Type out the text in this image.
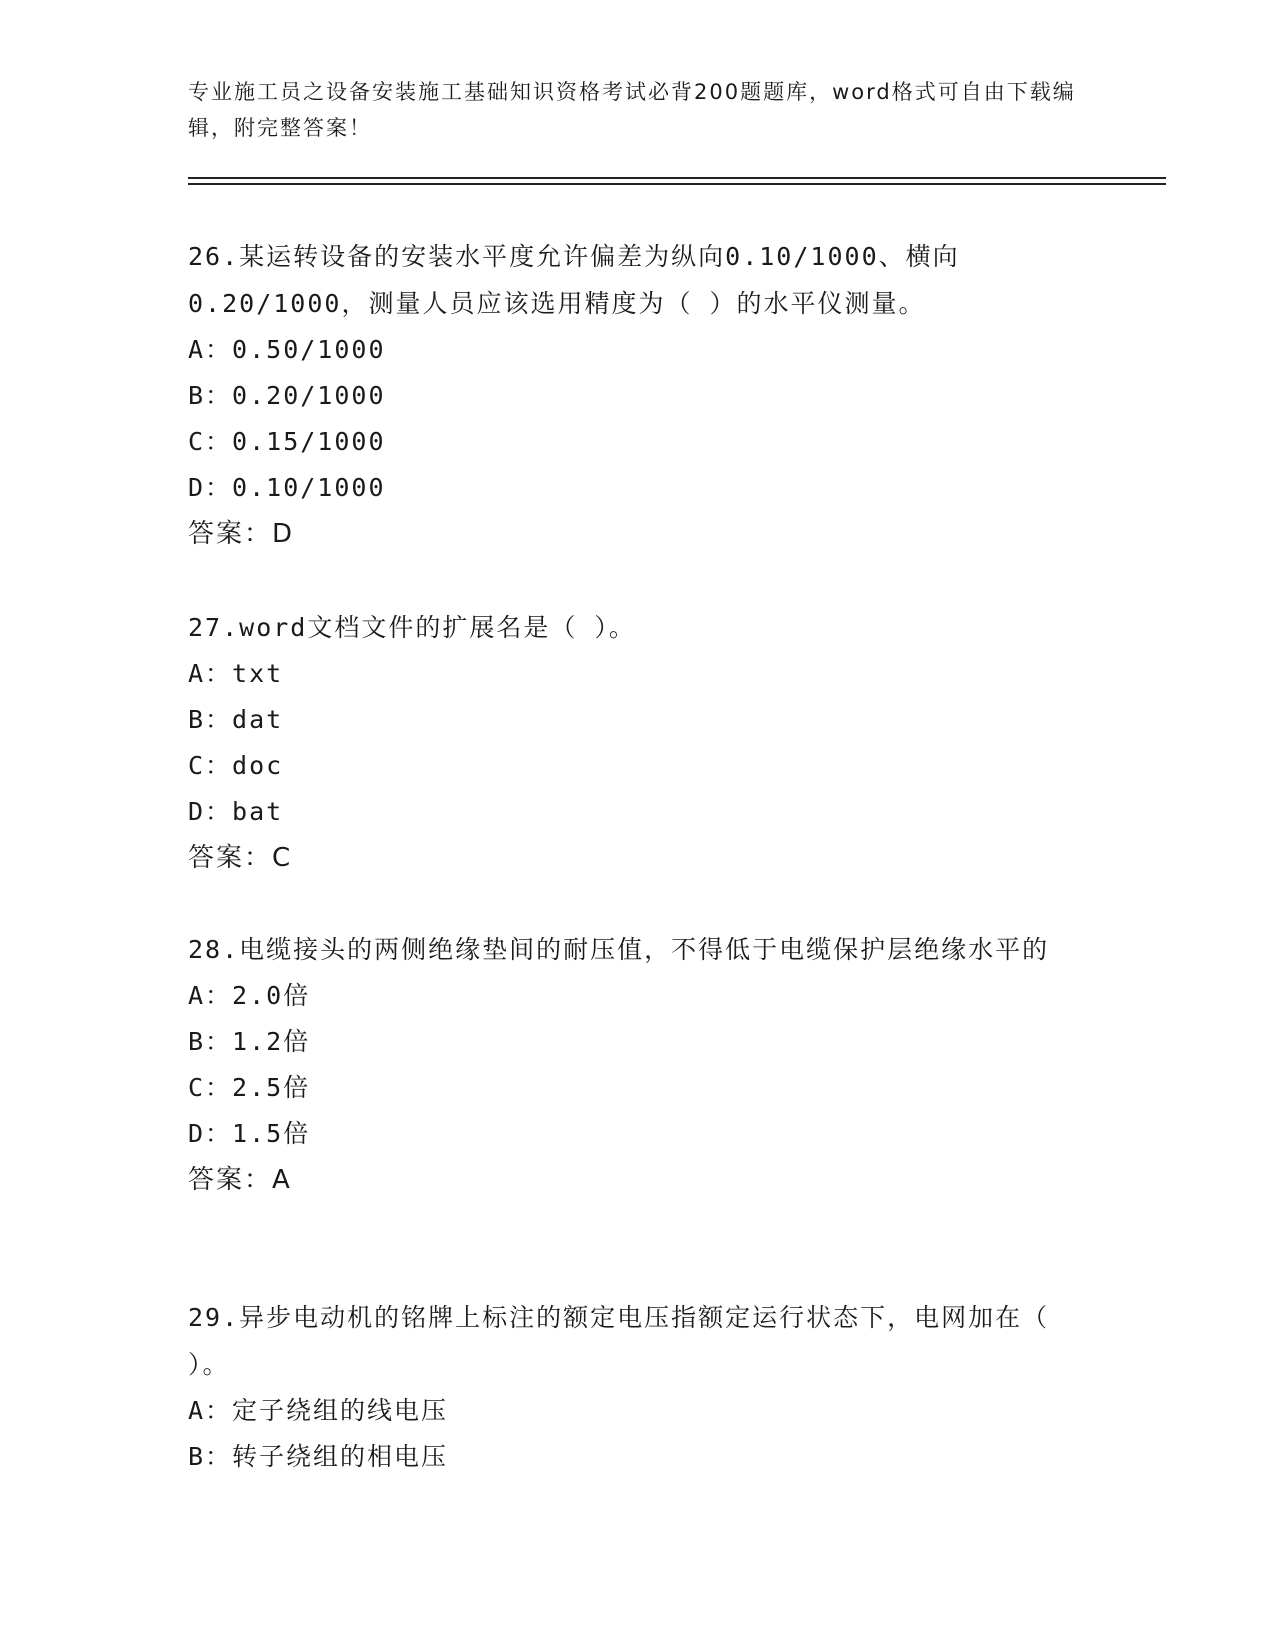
专业施工员之设备安装施工基础知识资格考试必背200题题库，word格式可自由下载编辑，附完整答案！

26.某运转设备的安装水平度允许偏差为纵向0.10/1000、横向0.20/1000，测量人员应该选用精度为（ ）的水平仪测量。

A：0.50/1000

B：0.20/1000

C：0.15/1000

D：0.10/1000

答案：D

27.word文档文件的扩展名是（ ）。

A：txt

B：dat

C：doc

D：bat

答案：C

28.电缆接头的两侧绝缘垫间的耐压值，不得低于电缆保护层绝缘水平的

A：2.0倍

B：1.2倍

C：2.5倍

D：1.5倍

答案：A

29.异步电动机的铭牌上标注的额定电压指额定运行状态下，电网加在（ ）。

A：定子绕组的线电压

B：转子绕组的相电压
